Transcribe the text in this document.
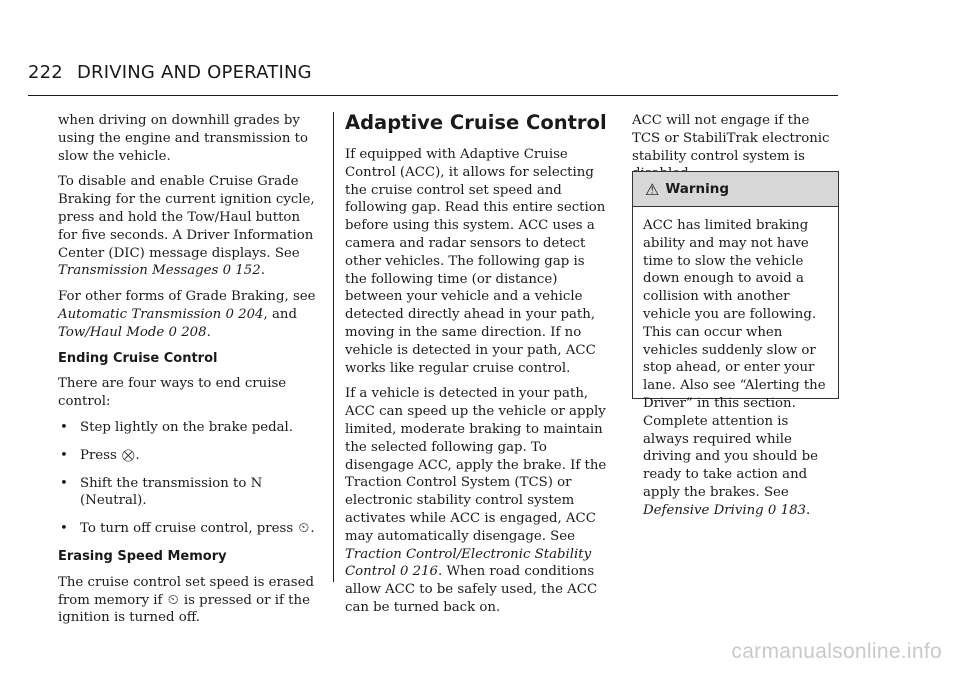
222 DRIVING AND OPERATING

when driving on downhill grades by using the engine and transmission to slow the vehicle.

To disable and enable Cruise Grade Braking for the current ignition cycle, press and hold the Tow/Haul button for five seconds. A Driver Information Center (DIC) message displays. See Transmission Messages 0 152.

For other forms of Grade Braking, see Automatic Transmission 0 204, and Tow/Haul Mode 0 208.

Ending Cruise Control

There are four ways to end cruise control:

• Step lightly on the brake pedal.
• Press ⛒.
• Shift the transmission to N (Neutral).
• To turn off cruise control, press ⏲.
Erasing Speed Memory

The cruise control set speed is erased from memory if ⏲ is pressed or if the ignition is turned off.

Adaptive Cruise Control

If equipped with Adaptive Cruise Control (ACC), it allows for selecting the cruise control set speed and following gap. Read this entire section before using this system. ACC uses a camera and radar sensors to detect other vehicles. The following gap is the following time (or distance) between your vehicle and a vehicle detected directly ahead in your path, moving in the same direction. If no vehicle is detected in your path, ACC works like regular cruise control.

If a vehicle is detected in your path, ACC can speed up the vehicle or apply limited, moderate braking to maintain the selected following gap. To disengage ACC, apply the brake. If the Traction Control System (TCS) or electronic stability control system activates while ACC is engaged, ACC may automatically disengage. See Traction Control/Electronic Stability Control 0 216. When road conditions allow ACC to be safely used, the ACC can be turned back on.

ACC will not engage if the TCS or StabiliTrak electronic stability control system is

⚠ Warning
ACC has limited braking ability and may not have time to slow the vehicle down enough to avoid a collision with another vehicle you are following. This can occur when vehicles suddenly slow or stop ahead, or enter your lane. Also see “Alerting the Driver” in this section. Complete attention is always required while driving and you should be ready to take action and apply the brakes. See Defensive Driving 0 183.
carmanualsonline.info
